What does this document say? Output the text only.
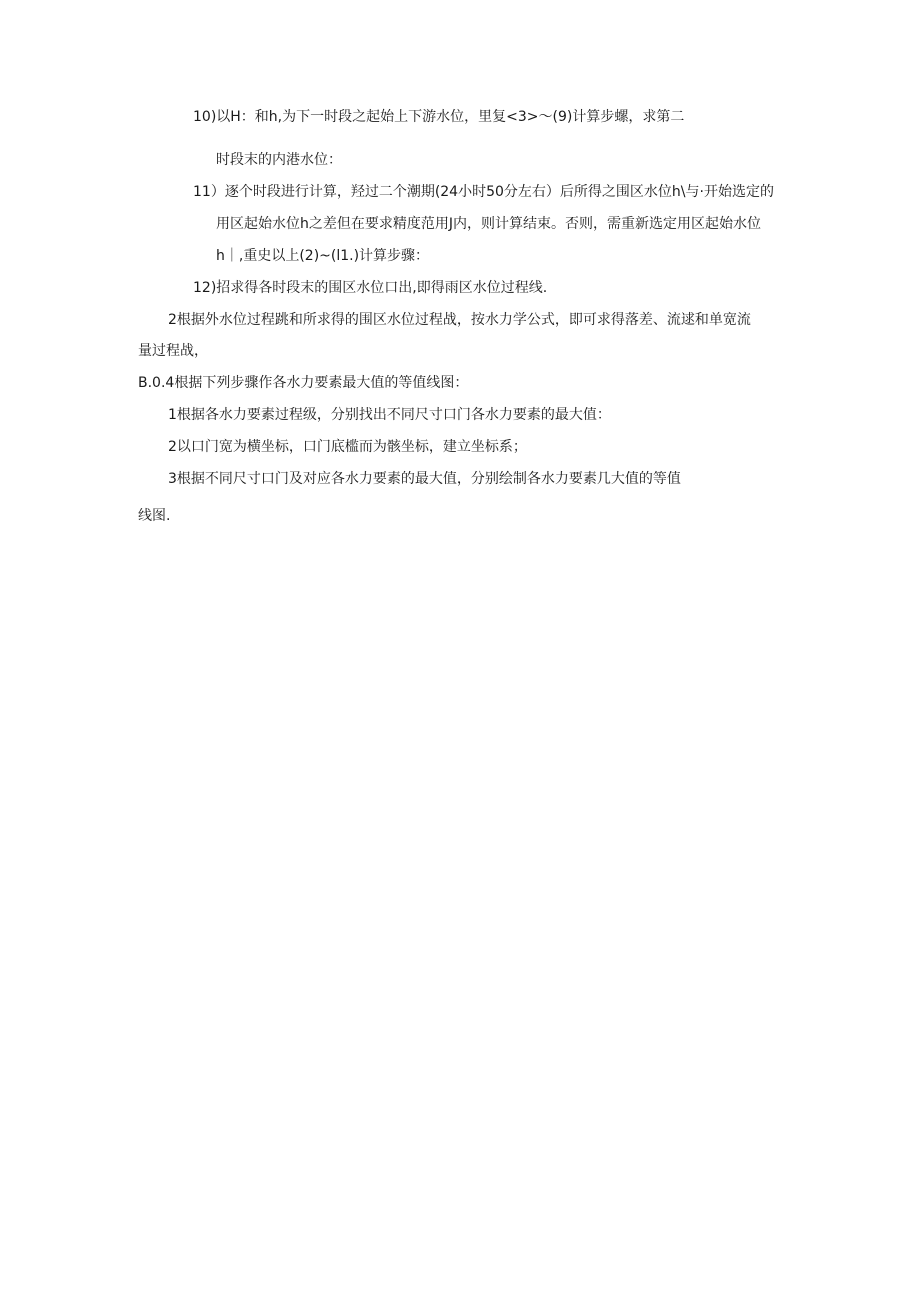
10)以H：和h,为下一时段之起始上下游水位，里复<3>〜(9)计算步螺，求第二
时段末的内港水位：
11）逐个时段进行计算，羟过二个潮期(24小时50分左右）后所得之围区水位h\与·开始选定的
用区起始水位h之差但在要求精度范用J内，则计算结束。否则，需重新选定用区起始水位
h｜,重史以上(2)~(l1.)计算步骤：
12)招求得各时段末的围区水位口出,即得雨区水位过程线.
2根据外水位过程跳和所求得的围区水位过程战，按水力学公式，即可求得落差、流逑和单宽流
量过程战，
B.0.4根据下列步骤作各水力要素最大值的等值线图：
1根据各水力要素过程级，分别找出不同尺寸口门各水力要素的最大值：
2以口门宽为横坐标，口门底槛而为骸坐标，建立坐标系；
3根据不同尺寸口门及对应各水力要素的最大值，分别绘制各水力要素几大值的等值
线图.
